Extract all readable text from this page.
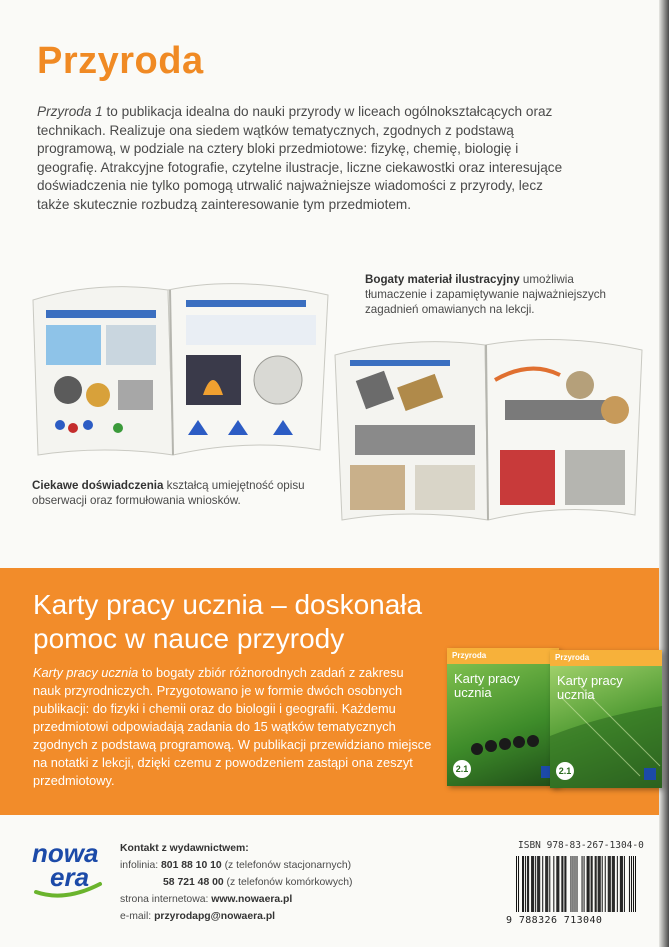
Przyroda

Przyroda 1 to publikacja idealna do nauki przyrody w liceach ogólnokształcących oraz technikach. Realizuje ona siedem wątków tematycznych, zgodnych z podstawą programową, w podziale na cztery bloki przedmiotowe: fizykę, chemię, biologię i geografię. Atrakcyjne fotografie, czytelne ilustracje, liczne ciekawostki oraz interesujące doświadczenia nie tylko pomogą utrwalić najważniejsze wiadomości z przyrody, lecz także skutecznie rozbudzą zainteresowanie tym przedmiotem.

Bogaty materiał ilustracyjny umożliwia tłumaczenie i zapamiętywanie najważniejszych zagadnień omawianych na lekcji.
Ciekawe doświadczenia kształcą umiejętność opisu obserwacji oraz formułowania wniosków.
Karty pracy ucznia – doskonała pomoc w nauce przyrody

Karty pracy ucznia to bogaty zbiór różnorodnych zadań z zakresu nauk przyrodniczych. Przygotowano je w formie dwóch osobnych publikacji: do fizyki i chemii oraz do biologii i geografii. Każdemu przedmiotowi odpowiadają zadania do 15 wątków tematycznych zgodnych z podstawą programową. W publikacji przewidziano miejsce na notatki z lekcji, dzięki czemu z powodzeniem zastąpi ona zeszyt przedmiotowy.

Przyroda
Karty pracy ucznia
2.1
Przyroda
Karty pracy ucznia
2.1
nowa
era
Kontakt z wydawnictwem:
infolinia: 801 88 10 10 (z telefonów stacjonarnych)
58 721 48 00 (z telefonów komórkowych)
strona internetowa: www.nowaera.pl
e-mail: przyrodapg@nowaera.pl
ISBN 978-83-267-1304-0
9 788326 713040
